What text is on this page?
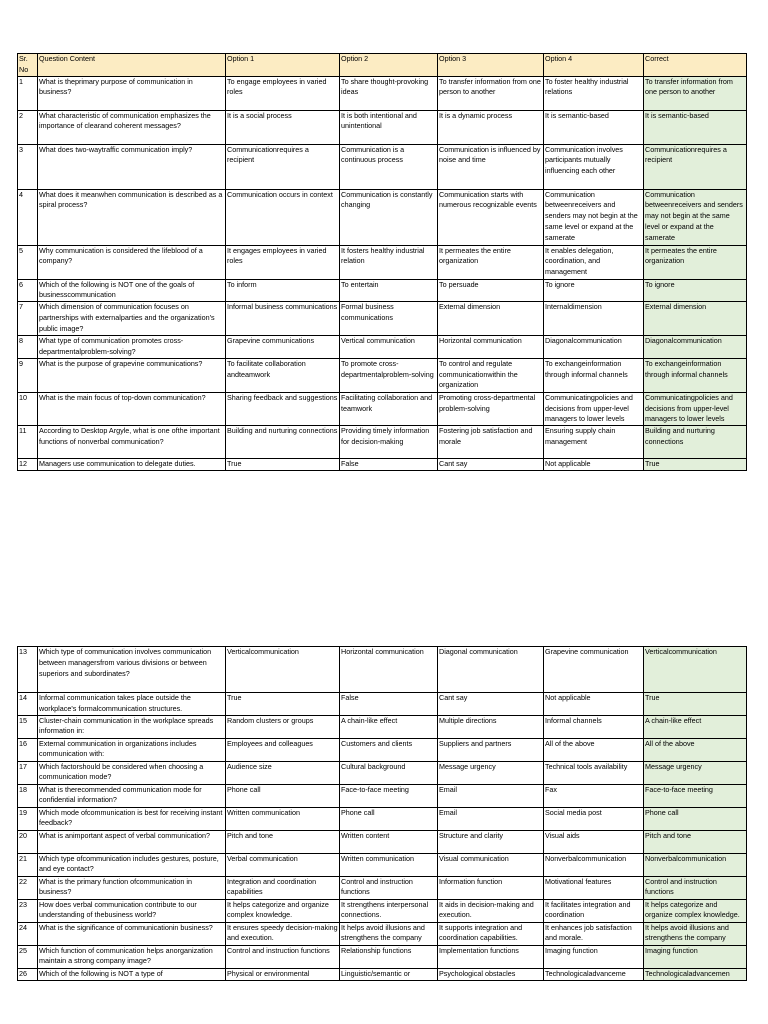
Sr. No	Question Content	Option 1	Option 2	Option 3	Option 4	Correct
1	What is theprimary purpose of communication in business?	To engage employees in varied roles	To share thought-provoking ideas	To transfer information from one person to another	To foster healthy industrial relations	To transfer information from one person to another
2	What characteristic of communication emphasizes the importance of clearand coherent messages?	It is a social process	It is both intentional and unintentional	It is a dynamic process	It is semantic-based	It is semantic-based
3	What does two-waytraffic communication imply?	Communicationrequires a recipient	Communication is a continuous process	Communication is influenced by noise and time	Communication involves participants mutually influencing each other	Communicationrequires a recipient
4	What does it meanwhen communication is described as a spiral process?	Communication occurs in context	Communication is constantly changing	Communication starts with numerous recognizable events	Communication betweenreceivers and senders may not begin at the same level or expand at the samerate	Communication betweenreceivers and senders may not begin at the same level or expand at the samerate
5	Why communication is considered the lifeblood of a company?	It engages employees in varied roles	It fosters healthy industrial relation	It permeates the entire organization	It enables delegation, coordination, and management	It permeates the entire organization
6	Which of the following is NOT one of the goals of businesscommunication	To inform	To entertain	To persuade	To ignore	To ignore
7	Which dimension of communication focuses on partnerships with externalparties and the organization's public image?	Informal business communications	Formal business communications	External dimension	Internaldimension	External dimension
8	What type of communication promotes cross-departmentalproblem-solving?	Grapevine communications	Vertical communication	Horizontal communication	Diagonalcommunication	Diagonalcommunication
9	What is the purpose of grapevine communications?	To facilitate collaboration andteamwork	To promote cross-departmentalproblem-solving	To control and regulate communicationwithin the organization	To exchangeinformation through informal channels	To exchangeinformation through informal channels
10	What is the main focus of top-down communication?	Sharing feedback and suggestions	Facilitating collaboration and teamwork	Promoting cross-departmental problem-solving	Communicatingpolicies and decisions from upper-level managers to lower levels	Communicatingpolicies and decisions from upper-level managers to lower levels
11	According to Desktop Argyle, what is one ofthe important functions of nonverbal communication?	Building and nurturing connections	Providing timely information for decision-making	Fostering job satisfaction and morale	Ensuring supply chain management	Building and nurturing connections
12	Managers use communication to delegate duties.	True	False	Cant say	Not applicable	True
13	Which type of communication involves communication between managersfrom various divisions or between superiors and subordinates?	Verticalcommunication	Horizontal communication	Diagonal communication	Grapevine communication	Verticalcommunication
14	Informal communication takes place outside the workplace's formalcommunication structures.	True	False	Cant say	Not applicable	True
15	Cluster-chain communication in the workplace spreads information in:	Random clusters or groups	A chain-like effect	Multiple directions	Informal channels	A chain-like effect
16	External communication in organizations includes communication with:	Employees and colleagues	Customers and clients	Suppliers and partners	All of the above	All of the above
17	Which factorshould be considered when choosing a communication mode?	Audience size	Cultural background	Message urgency	Technical tools availability	Message urgency
18	What is therecommended communication mode for confidential information?	Phone call	Face-to-face meeting	Email	Fax	Face-to-face meeting
19	Which mode ofcommunication is best for receiving instant feedback?	Written communication	Phone call	Email	Social media post	Phone call
20	What is animportant aspect of verbal communication?	Pitch and tone	Written content	Structure and clarity	Visual aids	Pitch and tone
21	Which type ofcommunication includes gestures, posture, and eye contact?	Verbal communication	Written communication	Visual communication	Nonverbalcommunication	Nonverbalcommunication
22	What is the primary function ofcommunication in business?	Integration and coordination capabilities	Control and instruction functions	Information function	Motivational features	Control and instruction functions
23	How does verbal communication contribute to our understanding of thebusiness world?	It helps categorize and organize complex knowledge.	It strengthens interpersonal connections.	It aids in decision-making and execution.	It facilitates integration and coordination	It helps categorize and organize complex knowledge.
24	What is the significance of communicationin business?	It ensures speedy decision-making and execution.	It helps avoid illusions and strengthens the company	It supports integration and coordination capabilities.	It enhances job satisfaction and morale.	It helps avoid illusions and strengthens the company
25	Which function of communication helps anorganization maintain a strong company image?	Control and instruction functions	Relationship functions	Implementation functions	Imaging function	Imaging function
26	Which of the following is NOT a type of	Physical or environmental	Linguistic/semantic or	Psychological obstacles	Technologicaladvanceme	Technologicaladvancemen
